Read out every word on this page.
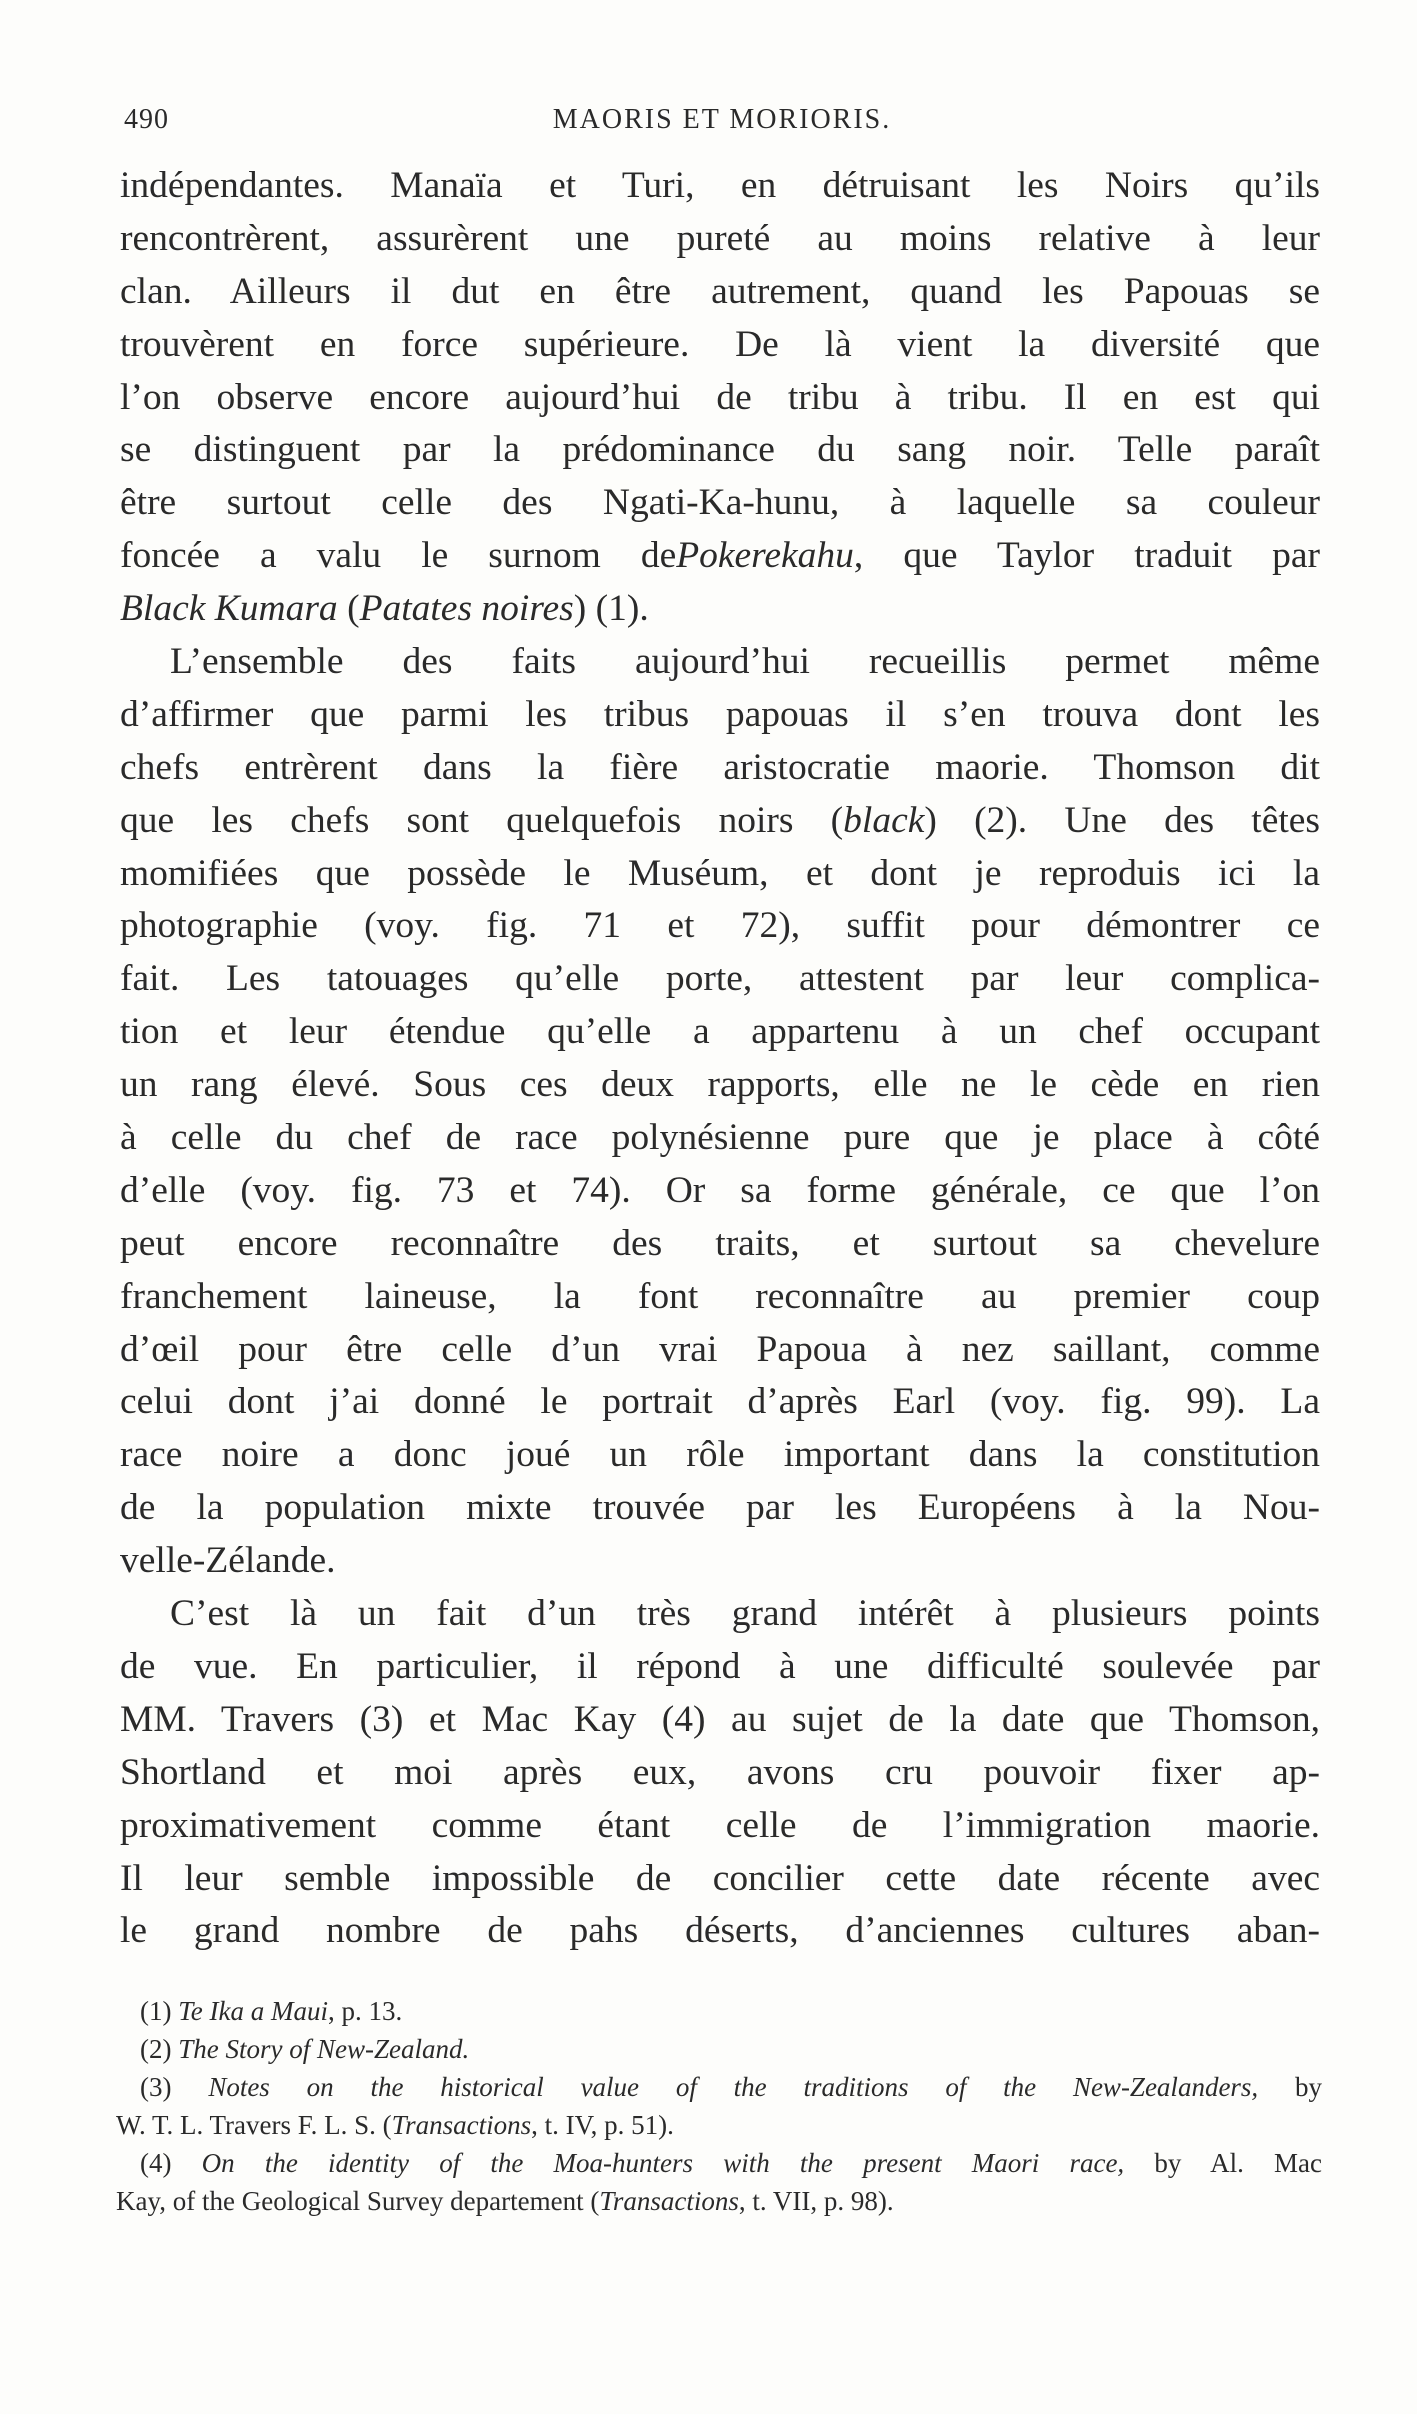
490	MAORIS ET MORIORIS.
indépendantes. Manaïa et Turi, en détruisant les Noirs qu’ils
rencontrèrent, assurèrent une pureté au moins relative à leur
clan. Ailleurs il dut en être autrement, quand les Papouas se
trouvèrent en force supérieure. De là vient la diversité que
l’on observe encore aujourd’hui de tribu à tribu. Il en est qui
se distinguent par la prédominance du sang noir. Telle paraît
être surtout celle des Ngati-Ka-hunu, à laquelle sa couleur
foncée a valu le surnom dePokerekahu, que Taylor traduit par
Black Kumara (Patates noires) (1).
L’ensemble des faits aujourd’hui recueillis permet même
d’affirmer que parmi les tribus papouas il s’en trouva dont les
chefs entrèrent dans la fière aristocratie maorie. Thomson dit
que les chefs sont quelquefois noirs (black) (2). Une des têtes
momifiées que possède le Muséum, et dont je reproduis ici la
photographie (voy. fig. 71 et 72), suffit pour démontrer ce
fait. Les tatouages qu’elle porte, attestent par leur complica-
tion et leur étendue qu’elle a appartenu à un chef occupant
un rang élevé. Sous ces deux rapports, elle ne le cède en rien
à celle du chef de race polynésienne pure que je place à côté
d’elle (voy. fig. 73 et 74). Or sa forme générale, ce que l’on
peut encore reconnaître des traits, et surtout sa chevelure
franchement laineuse, la font reconnaître au premier coup
d’œil pour être celle d’un vrai Papoua à nez saillant, comme
celui dont j’ai donné le portrait d’après Earl (voy. fig. 99). La
race noire a donc joué un rôle important dans la constitution
de la population mixte trouvée par les Européens à la Nou-
velle-Zélande.
C’est là un fait d’un très grand intérêt à plusieurs points
de vue. En particulier, il répond à une difficulté soulevée par
MM. Travers (3) et Mac Kay (4) au sujet de la date que Thomson,
Shortland et moi après eux, avons cru pouvoir fixer ap-
proximativement comme étant celle de l’immigration maorie.
Il leur semble impossible de concilier cette date récente avec
le grand nombre de pahs déserts, d’anciennes cultures aban-
(1) Te Ika a Maui, p. 13.
(2) The Story of New-Zealand.
(3) Notes on the historical value of the traditions of the New-Zealanders, by
W. T. L. Travers F. L. S. (Transactions, t. IV, p. 51).
(4) On the identity of the Moa-hunters with the present Maori race, by Al. Mac
Kay, of the Geological Survey departement (Transactions, t. VII, p. 98).
